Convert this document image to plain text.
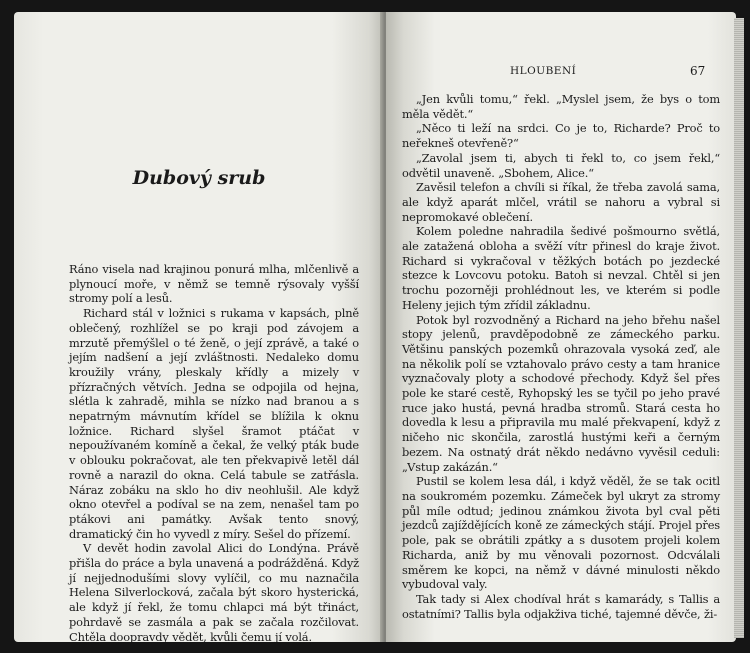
Dubový srub

Ráno visela nad krajinou ponurá mlha, mlčenlivě a plynoucí moře, v němž se temně rýsovaly vyšší stromy polí a lesů.

Richard stál v ložnici s rukama v kapsách, plně oblečený, rozhlížel se po kraji pod závojem a mrzutě přemýšlel o té ženě, o její zprávě, a také o jejím nadšení a její zvláštnosti. Nedaleko domu kroužily vrány, pleskaly křídly a mizely v přízračných větvích. Jedna se odpojila od hejna, slétla k zahradě, mihla se nízko nad branou a s nepatrným mávnutím křídel se blížila k oknu ložnice. Richard slyšel šramot ptáčat v nepoužívaném komíně a čekal, že velký pták bude v oblouku pokračovat, ale ten překvapivě letěl dál rovně a narazil do okna. Celá tabule se zatřásla. Náraz zobáku na sklo ho div neohlušil. Ale když okno otevřel a podíval se na zem, nenašel tam po ptákovi ani památky. Avšak tento snový, dramatický čin ho vyvedl z míry. Sešel do přízemí.

V devět hodin zavolal Alici do Londýna. Právě přišla do práce a byla unavená a podrážděná. Když jí nejjednodušími slovy vylíčil, co mu naznačila Helena Silverlocková, začala být skoro hysterická, ale když jí řekl, že tomu chlapci má být třináct, pohrdavě se zasmála a pak se začala rozčilovat. Chtěla doopravdy vědět, kvůli čemu jí volá.

HLOUBENÍ	67

„Jen kvůli tomu,“ řekl. „Myslel jsem, že bys o tom měla vědět.“

„Něco ti leží na srdci. Co je to, Richarde? Proč to neřekneš otevřeně?“

„Zavolal jsem ti, abych ti řekl to, co jsem řekl,“ odvětil unaveně. „Sbohem, Alice.“

Zavěsil telefon a chvíli si říkal, že třeba zavolá sama, ale když aparát mlčel, vrátil se nahoru a vybral si nepromokavé oblečení.

Kolem poledne nahradila šedivé pošmourno světlá, ale zatažená obloha a svěží vítr přinesl do kraje život. Richard si vykračoval v těžkých botách po jezdecké stezce k Lovcovu potoku. Batoh si nevzal. Chtěl si jen trochu pozorněji prohlédnout les, ve kterém si podle Heleny jejich tým zřídil základnu.

Potok byl rozvodněný a Richard na jeho břehu našel stopy jelenů, pravděpodobně ze zámeckého parku. Většinu panských pozemků ohrazovala vysoká zeď, ale na několik polí se vztahovalo právo cesty a tam hranice vyznačovaly ploty a schodové přechody. Když šel přes pole ke staré cestě, Ryhopský les se tyčil po jeho pravé ruce jako hustá, pevná hradba stromů. Stará cesta ho dovedla k lesu a připravila mu malé překvapení, když z ničeho nic skončila, zarostlá hustými keři a černým bezem. Na ostnatý drát někdo nedávno vyvěsil ceduli: „Vstup zakázán.“

Pustil se kolem lesa dál, i když věděl, že se tak ocitl na soukromém pozemku. Zámeček byl ukryt za stromy půl míle odtud; jedinou známkou života byl cval pěti jezdců zajíždějících koně ze zámeckých stájí. Projel přes pole, pak se obrátili zpátky a s dusotem projeli kolem Richarda, aniž by mu věnovali pozornost. Odcválali směrem ke kopci, na němž v dávné minulosti někdo vybudoval valy.

Tak tady si Alex chodíval hrát s kamarády, s Tallis a ostatními? Tallis byla odjakživa tiché, tajemné děvče, ži-
